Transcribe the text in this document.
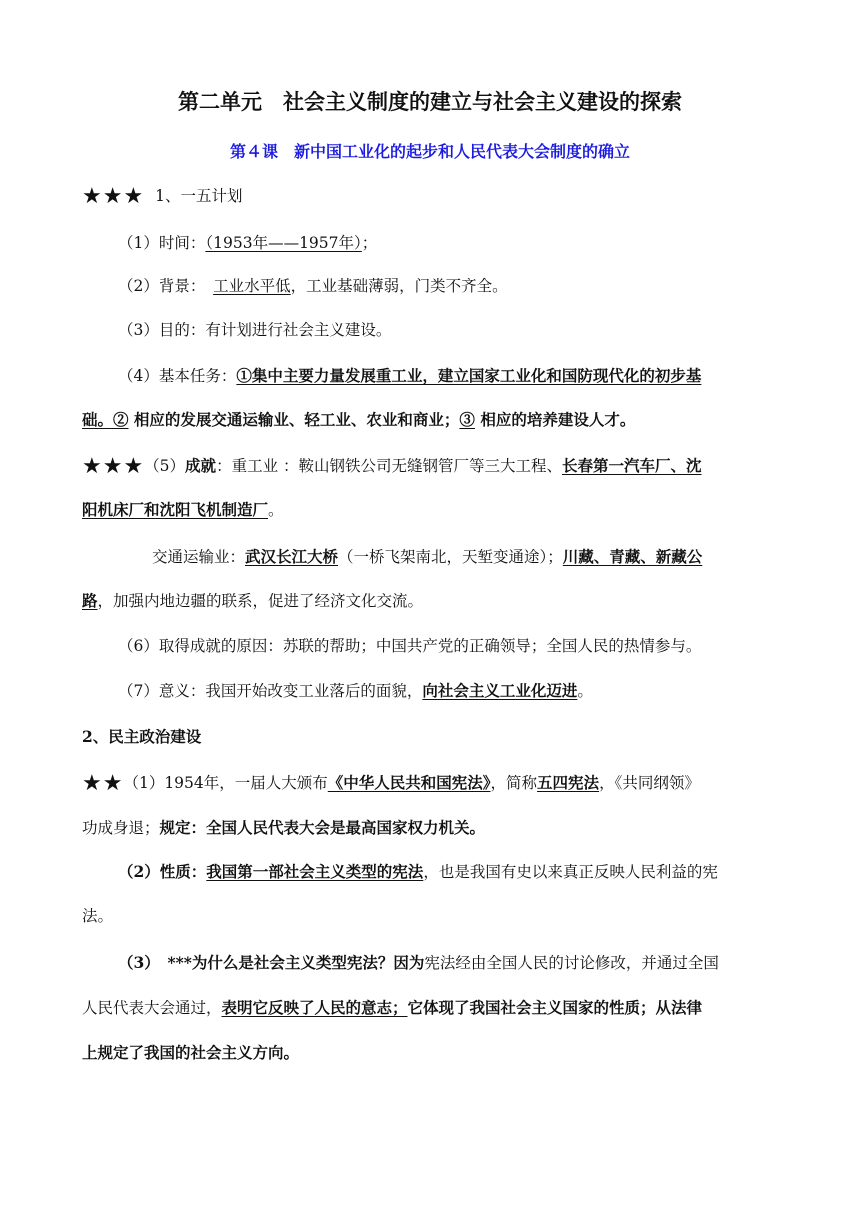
第二单元　社会主义制度的建立与社会主义建设的探索
第４课　新中国工业化的起步和人民代表大会制度的确立
★★★ 1、一五计划
（1）时间：（1953年——1957年）；
（2）背景：　工业水平低，工业基础薄弱，门类不齐全。
（3）目的：有计划进行社会主义建设。
（4）基本任务：①集中主要力量发展重工业，建立国家工业化和国防现代化的初步基
础。② 相应的发展交通运输业、轻工业、农业和商业；③ 相应的培养建设人才。
★★★（5）成就：重工业 ：鞍山钢铁公司无缝钢管厂等三大工程、长春第一汽车厂、沈
阳机床厂和沈阳飞机制造厂。
交通运输业：武汉长江大桥（一桥飞架南北，天堑变通途）；川藏、青藏、新藏公
路，加强内地边疆的联系，促进了经济文化交流。
（6）取得成就的原因：苏联的帮助；中国共产党的正确领导；全国人民的热情参与。
（7）意义：我国开始改变工业落后的面貌，向社会主义工业化迈进。
2、民主政治建设
★★（1）1954年，一届人大颁布《中华人民共和国宪法》，简称五四宪法，《共同纲领》
功成身退；规定：全国人民代表大会是最高国家权力机关。
（2）性质：我国第一部社会主义类型的宪法，也是我国有史以来真正反映人民利益的宪
法。
（3）　***为什么是社会主义类型宪法？因为宪法经由全国人民的讨论修改，并通过全国
人民代表大会通过，表明它反映了人民的意志；它体现了我国社会主义国家的性质；从法律
上规定了我国的社会主义方向。
